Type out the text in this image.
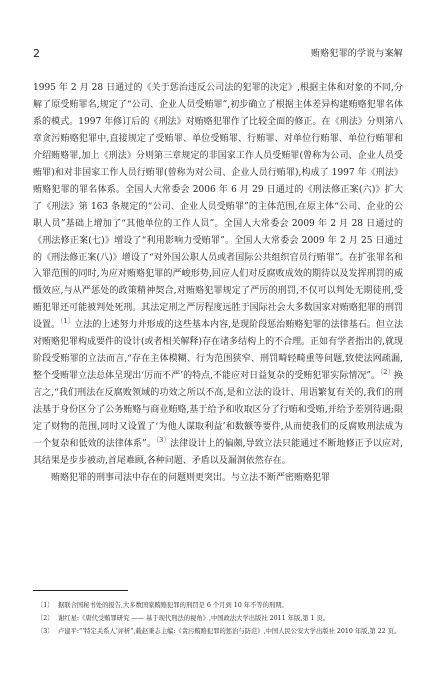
2	贿赂犯罪的学说与案解

1995 年 2 月 28 日通过的《关于惩治违反公司法的犯罪的决定》,根据主体和对象的不同,分解了原受贿罪名,规定了“公司、企业人员受贿罪”,初步确立了根据主体差异构建贿赂犯罪名体系的模式。1997 年修订后的《刑法》对贿赂犯罪作了比较全面的修正。在《刑法》分则第八章贪污贿赂犯罪中,直接规定了受贿罪、单位受贿罪、行贿罪、对单位行贿罪、单位行贿罪和介绍贿赂罪,加上《刑法》分则第三章规定的非国家工作人员受贿罪(曾称为公司、企业人员受贿罪)和对非国家工作人员行贿罪(曾称为对公司、企业人员行贿罪),构成了 1997 年《刑法》贿赂犯罪的罪名体系。全国人大常委会 2006 年 6 月 29 日通过的《刑法修正案(六)》扩大了《刑法》第 163 条规定的“公司、企业人员受贿罪”的主体范围,在原主体“公司、企业的公职人员”基础上增加了“其他单位的工作人员”。全国人大常委会 2009 年 2 月 28 日通过的《刑法修正案(七)》增设了“利用影响力受贿罪”。全国人大常委会 2009 年 2 月 25 日通过的《刑法修正案(八)》增设了“对外国公职人员或者国际公共组织官员行贿罪”。在扩张罪名和入罪范围的同时,为应对贿赂犯罪的严峻形势,回应人们对反腐败成效的期待以及发挥刑罚的威慑效应,与从严惩处的政策精神契合,对贿赂犯罪规定了严厉的刑罚,不仅可以判处无期徒刑,受贿犯罪还可能被判处死刑。其法定刑之严厉程度远胜于国际社会大多数国家对贿赂犯罪的刑罚设置。$^{〔1〕}$立法的上述努力并形成的这些基本内容,是现阶段惩治贿赂犯罪的法律基石。但立法对贿赂犯罪构成要件的设计(或者相关解释)存在诸多结构上的不合理。正如有学者指出的,就现阶段受贿罪的立法而言,“存在主体模糊、行为范围狭窄、刑罚畸轻畸重等问题,致使法网疏漏,整个受贿罪立法总体呈现出‘厉而不严’的特点,不能应对日益复杂的受贿犯罪实际情况”。$^{〔2〕}$换言之,“我们刑法在反腐败领域的功效之所以不高,是和立法的设计、用语繁复有关的,我们的刑法基于身份区分了公务贿赂与商业贿赂,基于给予和收取区分了行贿和受贿,并给予差别待遇;限定了财物的范围,同时又设置了‘为他人谋取利益’和数额等要件,从而使我们的反腐败刑法成为一个复杂和低效的法律体系”。$^{〔3〕}$法律设计上的偏颇,导致立法只能通过不断地修正予以应对,其结果是步步被动,首尾难顾,各种问题、矛盾以及漏洞依然存在。

贿赂犯罪的刑事司法中存在的问题则更突出。与立法不断严密贿赂犯罪

〔1〕 据联合国秘书处的报告,大多数国家贿赂犯罪的刑罚是 6 个月到 10 年不等的刑期。

〔2〕 谢红星:《唐代受贿罪研究 —— 基于现代刑法的视角》,中国政法大学出版社 2011 年版,第 1 页。

〔3〕 卢建平:“‘特定关系人’评析”,载赵秉志主编:《贪污贿赂犯罪的惩治与防范》,中国人民公安大学出版社 2010 年版,第 22 页。
